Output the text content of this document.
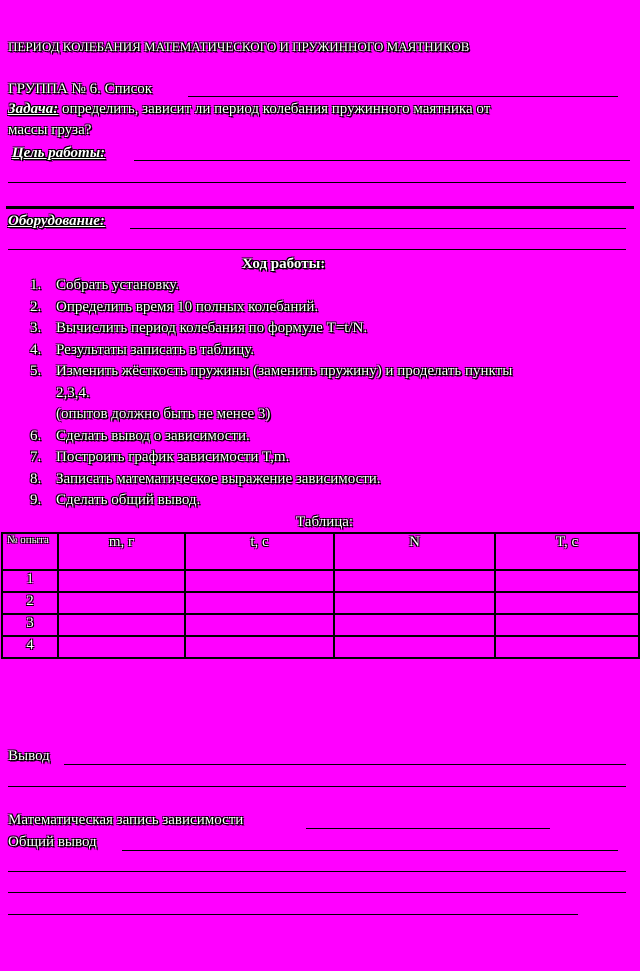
ПЕРИОД КОЛЕБАНИЯ МАТЕМАТИЧЕСКОГО И ПРУЖИННОГО МАЯТНИКОВ
ГРУППА № 6. Список
Задача: определить, зависит ли период колебания пружинного маятника от
массы груза?
Цель работы:
Оборудование:
Ход работы:
1. Собрать установку.
2. Определить время 10 полных колебаний.
3. Вычислить период колебания по формуле T=t/N.
4. Результаты записать в таблицу.
5. Изменить жёсткость пружины (заменить пружину) и проделать пункты
2,3,4.
(опытов должно быть не менее 3)
6. Сделать вывод о зависимости.
7. Построить график зависимости T,m.
8. Записать математическое выражение зависимости.
9. Сделать общий вывод.
Таблица:
№ опыта	m, г	t, с	N	T, с
1				
2				
3				
4				
Вывод
Математическая запись зависимости
Общий вывод
